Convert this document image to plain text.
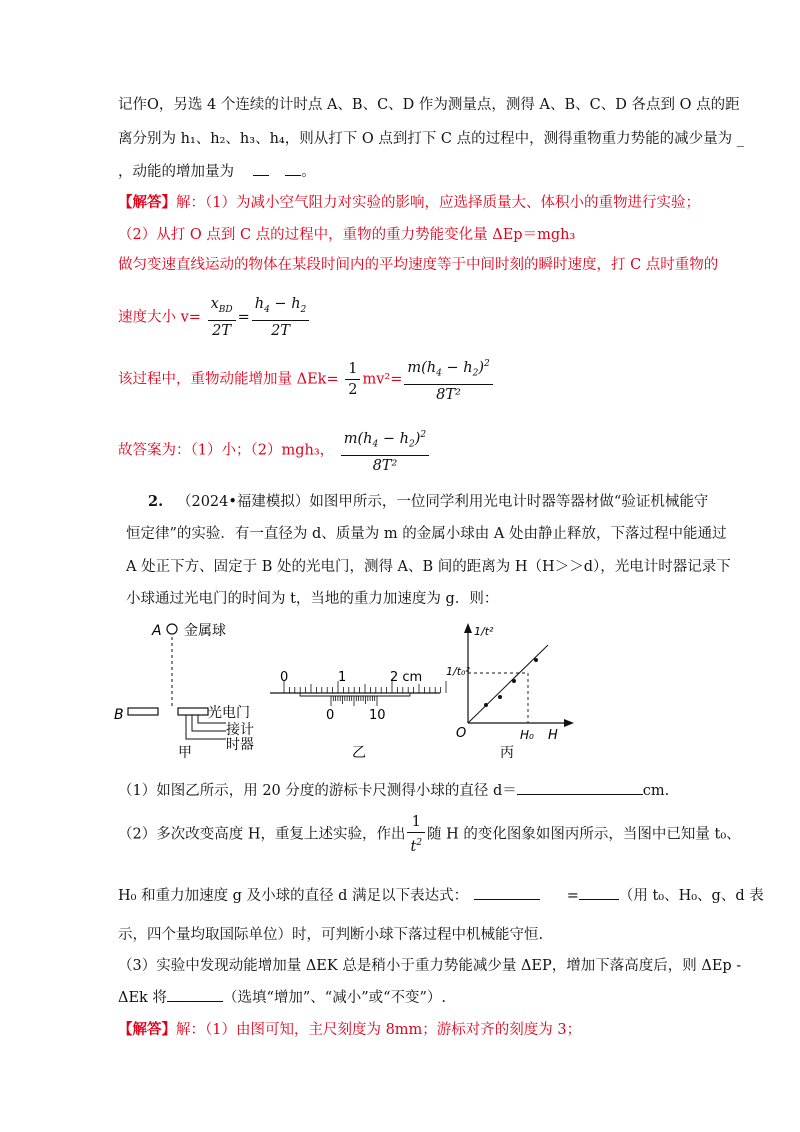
记作O，另选 4 个连续的计时点 A、B、C、D 作为测量点，测得 A、B、C、D 各点到 O 点的距
离分别为 h₁、h₂、h₃、h₄，则从打下 O 点到打下 C 点的过程中，测得重物重力势能的减少量为 _
，动能的增加量为	。
【解答】解：（1）为减小空气阻力对实验的影响，应选择质量大、体积小的重物进行实验；
（2）从打 O 点到 C 点的过程中，重物的重力势能变化量 ΔEp＝mgh₃
做匀变速直线运动的物体在某段时间内的平均速度等于中间时刻的瞬时速度，打 C 点时重物的
速度大小 $v= \frac{x_{BD}}{2T} = \frac{h_4 - h_2}{2T}$
该过程中，重物动能增加量 $\Delta Ek= \frac{1}{2} mv^2= \frac{m(h_4 - h_2)^2}{\text{8T²}}$
故答案为：（1）小；（2）mgh₃， $\frac{m(h_4 - h_2)^2}{\text{8T²}}$
2. （2024•福建模拟）如图甲所示，一位同学利用光电计时器等器材做“验证机械能守
恒定律”的实验．有一直径为 d、质量为 m 的金属小球由 A 处由静止释放，下落过程中能通过
A 处正下方、固定于 B 处的光电门，测得 A、B 间的距离为 H（H＞＞d），光电计时器记录下
小球通过光电门的时间为 t，当地的重力加速度为 g．则：
A 金属球
B	光电门
接计
时器
甲
0	1	2 cm
0	10
乙
1/t²
1/t₀²
O	H₀ H
丙
（1）如图乙所示，用 20 分度的游标卡尺测得小球的直径 d＝	cm.
（2）多次改变高度 H，重复上述实验，作出 $\frac{1}{t^2}$ 随 H 的变化图象如图丙所示，当图中已知量 t₀、
H₀ 和重力加速度 g 及小球的直径 d 满足以下表达式：	=	（用 t₀、H₀、g、d 表
示，四个量均取国际单位）时，可判断小球下落过程中机械能守恒.
（3）实验中发现动能增加量 ΔEK 总是稍小于重力势能减少量 ΔEP，增加下落高度后，则 ΔEp -
ΔEk 将	（选填“增加”、“减小”或“不变”）.
【解答】解：（1）由图可知，主尺刻度为 8mm；游标对齐的刻度为 3；
